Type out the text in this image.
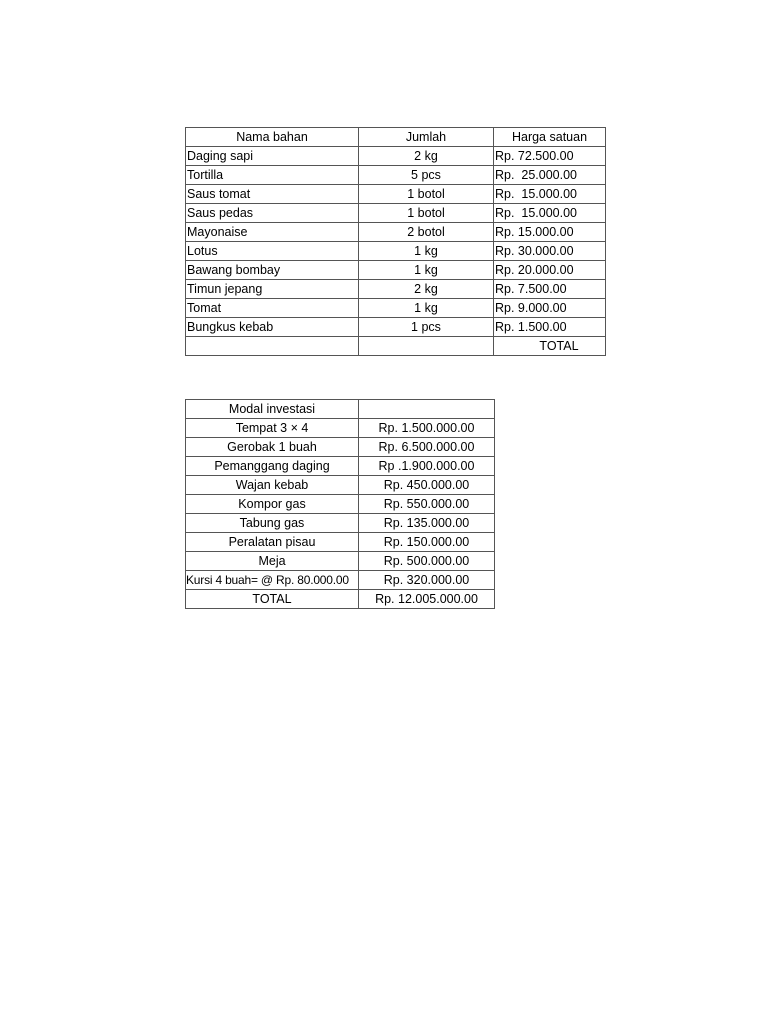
Nama bahan	Jumlah	Harga satuan
Daging sapi	2 kg	Rp. 72.500.00
Tortilla	5 pcs	Rp.  25.000.00
Saus tomat	1 botol	Rp.  15.000.00
Saus pedas	1 botol	Rp.  15.000.00
Mayonaise	2 botol	Rp. 15.000.00
Lotus	1 kg	Rp. 30.000.00
Bawang bombay	1 kg	Rp. 20.000.00
Timun jepang	2 kg	Rp. 7.500.00
Tomat	1 kg	Rp. 9.000.00
Bungkus kebab	1 pcs	Rp. 1.500.00
		TOTAL
Modal investasi	
Tempat 3 × 4	Rp. 1.500.000.00
Gerobak 1 buah	Rp. 6.500.000.00
Pemanggang daging	Rp .1.900.000.00
Wajan kebab	Rp. 450.000.00
Kompor gas	Rp. 550.000.00
Tabung gas	Rp. 135.000.00
Peralatan pisau	Rp. 150.000.00
Meja	Rp. 500.000.00
Kursi 4 buah= @ Rp. 80.000.00	Rp. 320.000.00
TOTAL	Rp. 12.005.000.00
